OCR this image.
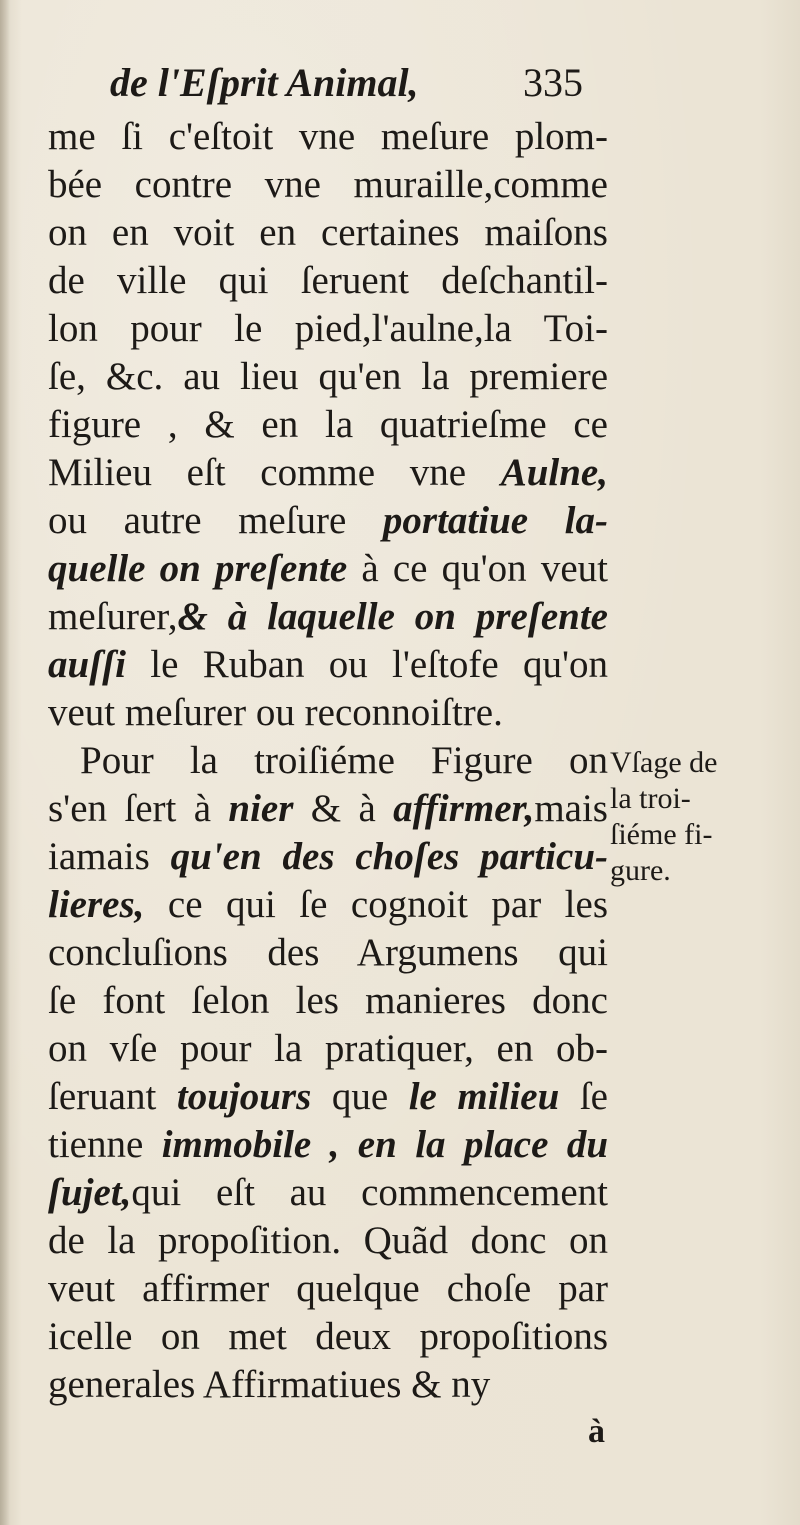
de l'Eſprit Animal,	335
me ſi c'eſtoit vne meſure plom-
bée contre vne muraille,comme
on en voit en certaines maiſons
de ville qui ſeruent deſchantil-
lon pour le pied,l'aulne,la Toi-
ſe, &c. au lieu qu'en la premiere
figure , & en la quatrieſme ce
Milieu eſt comme vne Aulne,
ou autre meſure portatiue la-
quelle on preſente à ce qu'on veut
meſurer,& à laquelle on preſente
auſſi le Ruban ou l'eſtofe qu'on
veut meſurer ou reconnoiſtre.
Pour la troiſiéme Figure on
s'en ſert à nier & à affirmer,mais
iamais qu'en des choſes particu-
lieres, ce qui ſe cognoit par les
concluſions des Argumens qui
ſe font ſelon les manieres donc
on vſe pour la pratiquer, en ob-
ſeruant toujours que le milieu ſe
tienne immobile , en la place du
ſujet,qui eſt au commencement
de la propoſition. Quãd donc on
veut affirmer quelque choſe par
icelle on met deux propoſitions
generales Affirmatiues & ny
Vſage de
la troi-
ſiéme fi-
gure.
à
